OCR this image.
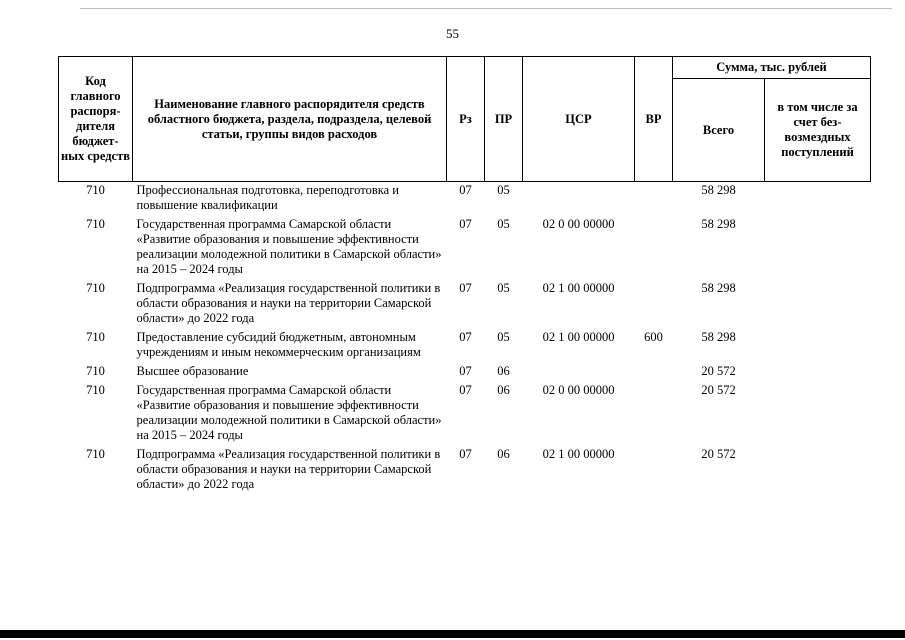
55
Код главного распоря-дителя бюджет-ных средств	Наименование главного распорядителя средств областного бюджета, раздела, подраздела, целевой статьи, группы видов расходов	Рз	ПР	ЦСР	ВР	Сумма, тыс. рублей	
						Всего	в том числе за счет без-возмездных поступлений
710	Профессиональная подготовка, переподготовка и повышение квалификации	07	05			58 298	
710	Государственная программа Самарской области «Развитие образования и повышение эффективности реализации молодежной политики в Самарской области» на 2015 – 2024 годы	07	05	02 0 00 00000		58 298	
710	Подпрограмма «Реализация государственной политики в области образования и науки на территории Самарской области» до 2022 года	07	05	02 1 00 00000		58 298	
710	Предоставление субсидий бюджетным, автономным учреждениям и иным некоммерческим организациям	07	05	02 1 00 00000	600	58 298	
710	Высшее образование	07	06			20 572	
710	Государственная программа Самарской области «Развитие образования и повышение эффективности реализации молодежной политики в Самарской области» на 2015 – 2024 годы	07	06	02 0 00 00000		20 572	
710	Подпрограмма «Реализация государственной политики в области образования и науки на территории Самарской области» до 2022 года	07	06	02 1 00 00000		20 572	
